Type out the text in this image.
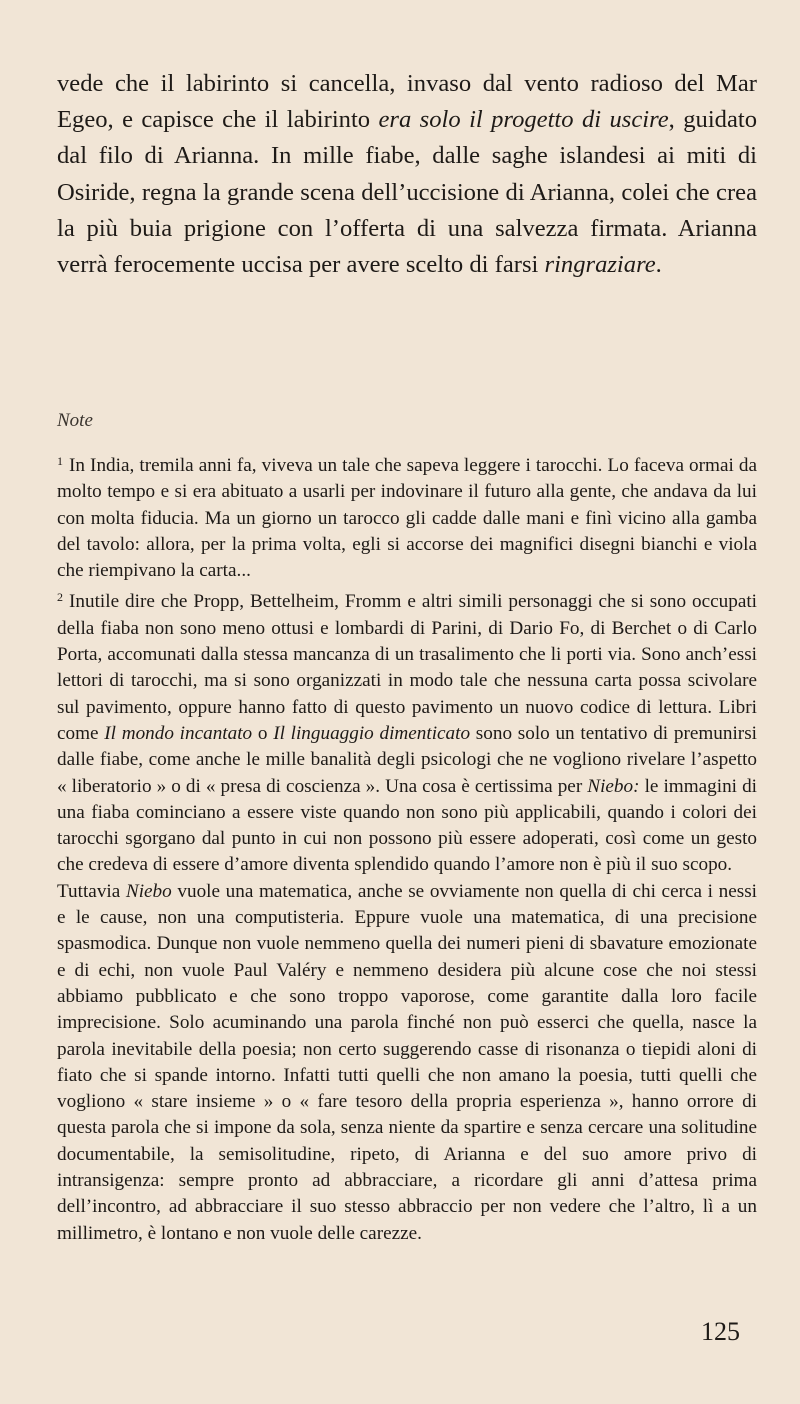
vede che il labirinto si cancella, invaso dal vento radioso del Mar Egeo, e capisce che il labirinto era solo il progetto di uscire, guidato dal filo di Arianna. In mille fiabe, dalle saghe islandesi ai miti di Osiride, regna la grande scena dell’uccisione di Arianna, colei che crea la più buia prigione con l’offerta di una salvezza firmata. Arianna verrà ferocemente uccisa per avere scelto di farsi ringraziare.

Note

$^1$ In India, tremila anni fa, viveva un tale che sapeva leggere i tarocchi. Lo faceva ormai da molto tempo e si era abituato a usarli per indovinare il futuro alla gente, che andava da lui con molta fiducia. Ma un giorno un tarocco gli cadde dalle mani e finì vicino alla gamba del tavolo: allora, per la prima volta, egli si accorse dei magnifici disegni bianchi e viola che riempivano la carta...

$^2$ Inutile dire che Propp, Bettelheim, Fromm e altri simili personaggi che si sono occupati della fiaba non sono meno ottusi e lombardi di Parini, di Dario Fo, di Berchet o di Carlo Porta, accomunati dalla stessa mancanza di un trasalimento che li porti via. Sono anch’essi lettori di tarocchi, ma si sono organizzati in modo tale che nessuna carta possa scivolare sul pavimento, oppure hanno fatto di questo pavimento un nuovo codice di lettura. Libri come Il mondo incantato o Il linguaggio dimenticato sono solo un tentativo di premunirsi dalle fiabe, come anche le mille banalità degli psicologi che ne vogliono rivelare l’aspetto « liberatorio » o di « presa di coscienza ». Una cosa è certissima per Niebo: le immagini di una fiaba cominciano a essere viste quando non sono più applicabili, quando i colori dei tarocchi sgorgano dal punto in cui non possono più essere adoperati, così come un gesto che credeva di essere d’amore diventa splendido quando l’amore non è più il suo scopo.

Tuttavia Niebo vuole una matematica, anche se ovviamente non quella di chi cerca i nessi e le cause, non una computisteria. Eppure vuole una matematica, di una precisione spasmodica. Dunque non vuole nemmeno quella dei numeri pieni di sbavature emozionate e di echi, non vuole Paul Valéry e nemmeno desidera più alcune cose che noi stessi abbiamo pubblicato e che sono troppo vaporose, come garantite dalla loro facile imprecisione. Solo acuminando una parola finché non può esserci che quella, nasce la parola inevitabile della poesia; non certo suggerendo casse di risonanza o tiepidi aloni di fiato che si spande intorno. Infatti tutti quelli che non amano la poesia, tutti quelli che vogliono « stare insieme » o « fare tesoro della propria esperienza », hanno orrore di questa parola che si impone da sola, senza niente da spartire e senza cercare una solitudine documentabile, la semisolitudine, ripeto, di Arianna e del suo amore privo di intransigenza: sempre pronto ad abbracciare, a ricordare gli anni d’attesa prima dell’incontro, ad abbracciare il suo stesso abbraccio per non vedere che l’altro, lì a un millimetro, è lontano e non vuole delle carezze.

125
